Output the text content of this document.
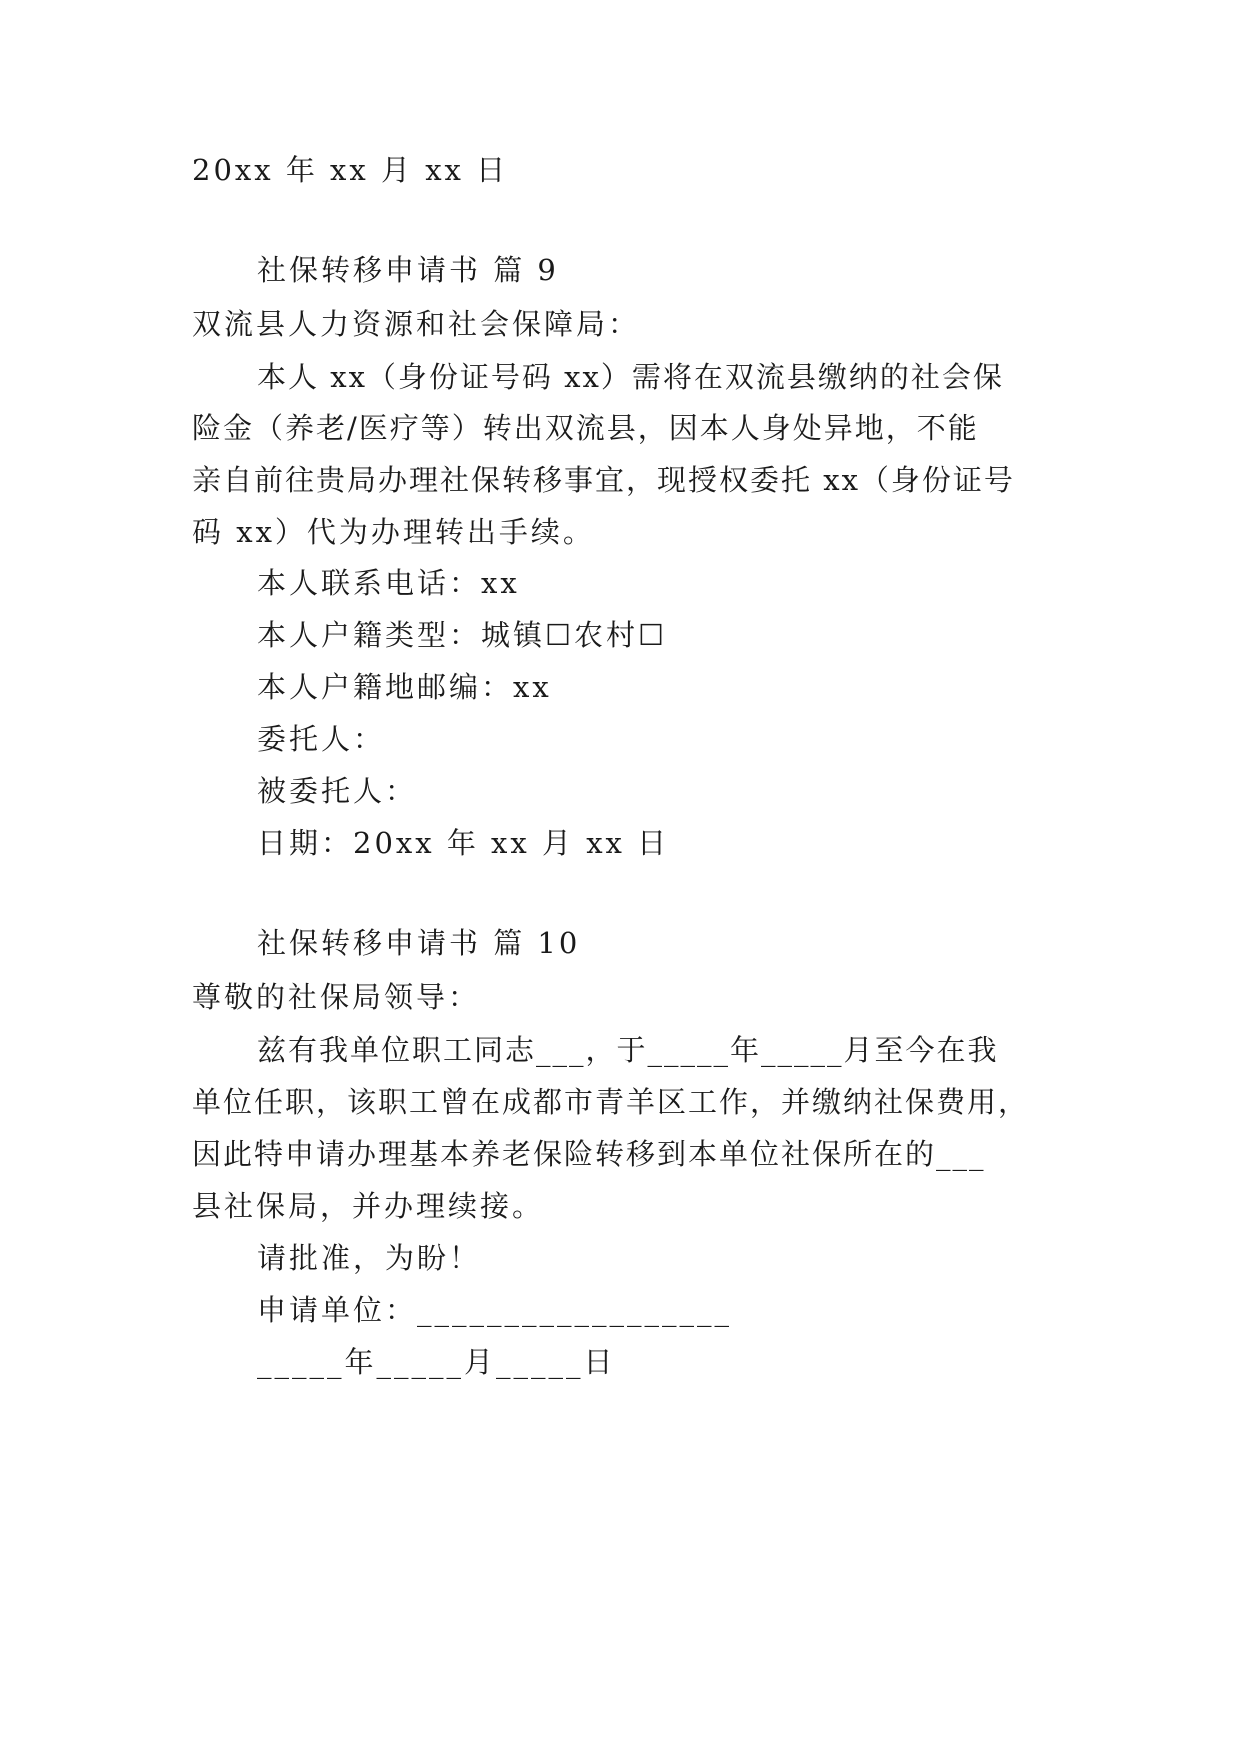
20xx 年 xx 月 xx 日
社保转移申请书 篇 9
双流县人力资源和社会保障局：
本人 xx（身份证号码 xx）需将在双流县缴纳的社会保
险金（养老/医疗等）转出双流县，因本人身处异地，不能
亲自前往贵局办理社保转移事宜，现授权委托 xx（身份证号
码 xx）代为办理转出手续。
本人联系电话：xx
本人户籍类型：城镇☐农村☐
本人户籍地邮编：xx
委托人：
被委托人：
日期：20xx 年 xx 月 xx 日
社保转移申请书 篇 10
尊敬的社保局领导：
兹有我单位职工同志___，于_____年_____月至今在我
单位任职，该职工曾在成都市青羊区工作，并缴纳社保费用，
因此特申请办理基本养老保险转移到本单位社保所在的___
县社保局，并办理续接。
请批准，为盼！
申请单位：__________________
_____年_____月_____日
